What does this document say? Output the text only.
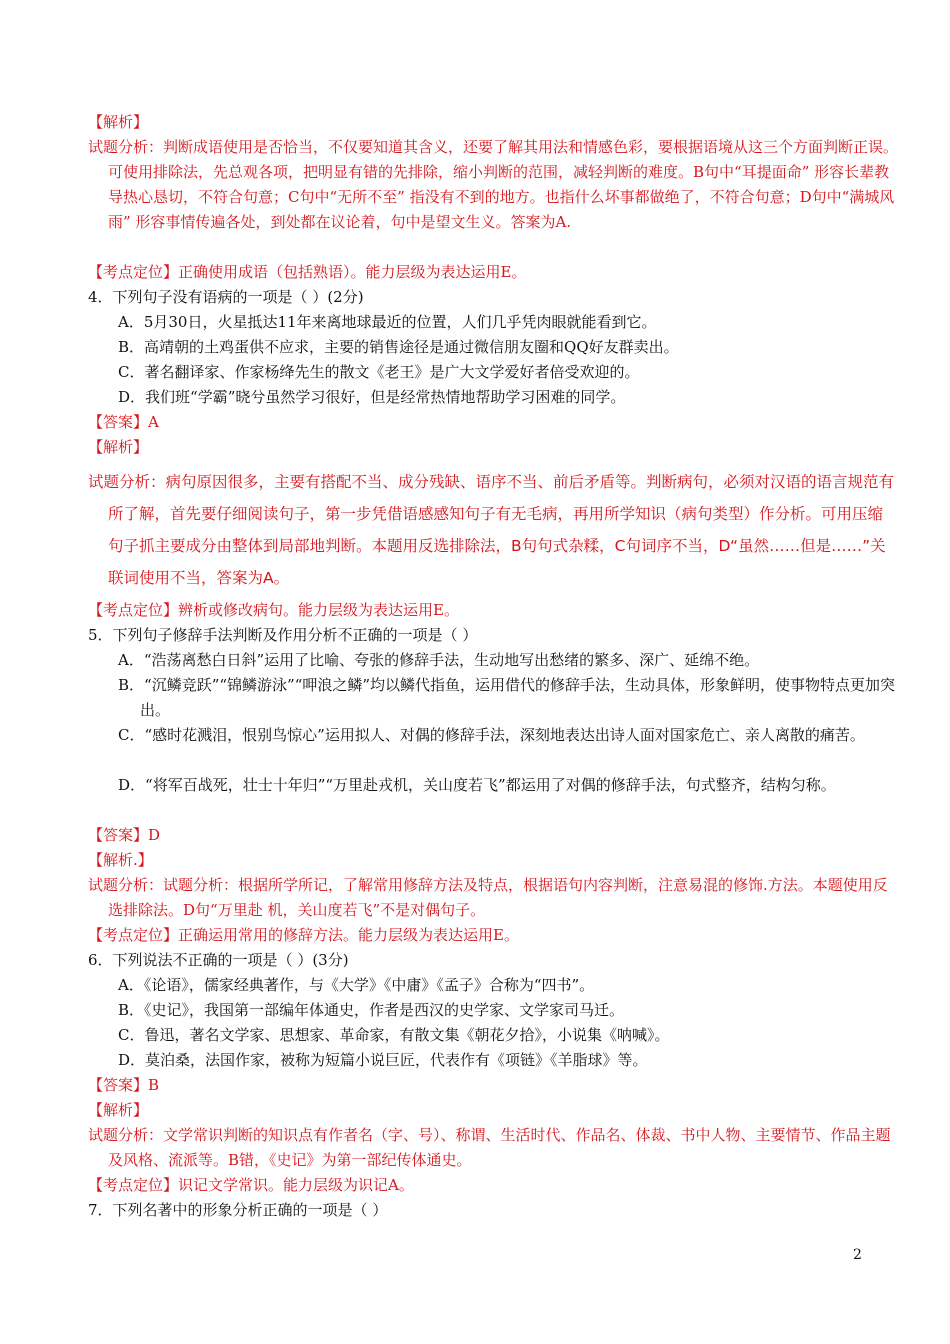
【解析】
试题分析：判断成语使用是否恰当，不仅要知道其含义，还要了解其用法和情感色彩，要根据语境从这三个方面判断正误。可使用排除法，先总观各项，把明显有错的先排除，缩小判断的范围，减轻判断的难度。B句中“耳提面命” 形容长辈教导热心恳切，不符合句意；C句中“无所不至” 指没有不到的地方。也指什么坏事都做绝了，不符合句意；D句中“满城风雨” 形容事情传遍各处，到处都在议论着，句中是望文生义。答案为A.
【考点定位】正确使用成语（包括熟语）。能力层级为表达运用E。
4．下列句子没有语病的一项是（ ）(2分)
A．5月30日，火星抵达11年来离地球最近的位置，人们几乎凭肉眼就能看到它。
B．高靖朝的土鸡蛋供不应求，主要的销售途径是通过微信朋友圈和QQ好友群卖出。
C．著名翻译家、作家杨绛先生的散文《老王》是广大文学爱好者倍受欢迎的。
D．我们班“学霸”晓兮虽然学习很好，但是经常热情地帮助学习困难的同学。
【答案】A
【解析】
试题分析：病句原因很多，主要有搭配不当、成分残缺、语序不当、前后矛盾等。判断病句，必须对汉语的语言规范有所了解，首先要仔细阅读句子，第一步凭借语感感知句子有无毛病，再用所学知识（病句类型）作分析。可用压缩句子抓主要成分由整体到局部地判断。本题用反选排除法，B句句式杂糅，C句词序不当，D“虽然……但是……”关联词使用不当，答案为A。
【考点定位】辨析或修改病句。能力层级为表达运用E。
5．下列句子修辞手法判断及作用分析不正确的一项是（ ）
A．“浩荡离愁白日斜”运用了比喻、夸张的修辞手法，生动地写出愁绪的繁多、深广、延绵不绝。
B．“沉鳞竞跃”“锦鳞游泳”“呷浪之鳞”均以鳞代指鱼，运用借代的修辞手法，生动具体，形象鲜明，使事物特点更加突出。
C．“感时花溅泪，恨别鸟惊心”运用拟人、对偶的修辞手法，深刻地表达出诗人面对国家危亡、亲人离散的痛苦。
D．“将军百战死，壮士十年归”“万里赴戎机，关山度若飞”都运用了对偶的修辞手法，句式整齐，结构匀称。
【答案】D
【解析.】
试题分析：试题分析：根据所学所记，了解常用修辞方法及特点，根据语句内容判断，注意易混的修饰.方法。本题使用反选排除法。D句“万里赴 机，关山度若飞”不是对偶句子。
【考点定位】正确运用常用的修辞方法。能力层级为表达运用E。
6．下列说法不正确的一项是（ ）(3分)
A．《论语》，儒家经典著作，与《大学》《中庸》《孟子》合称为“四书”。
B．《史记》，我国第一部编年体通史，作者是西汉的史学家、文学家司马迁。
C．鲁迅，著名文学家、思想家、革命家，有散文集《朝花夕拾》，小说集《呐喊》。
D．莫泊桑，法国作家，被称为短篇小说巨匠，代表作有《项链》《羊脂球》等。
【答案】B
【解析】
试题分析：文学常识判断的知识点有作者名（字、号）、称谓、生活时代、作品名、体裁、书中人物、主要情节、作品主题及风格、流派等。B错，《史记》为第一部纪传体通史。
【考点定位】识记文学常识。能力层级为识记A。
7．下列名著中的形象分析正确的一项是（ ）
2
